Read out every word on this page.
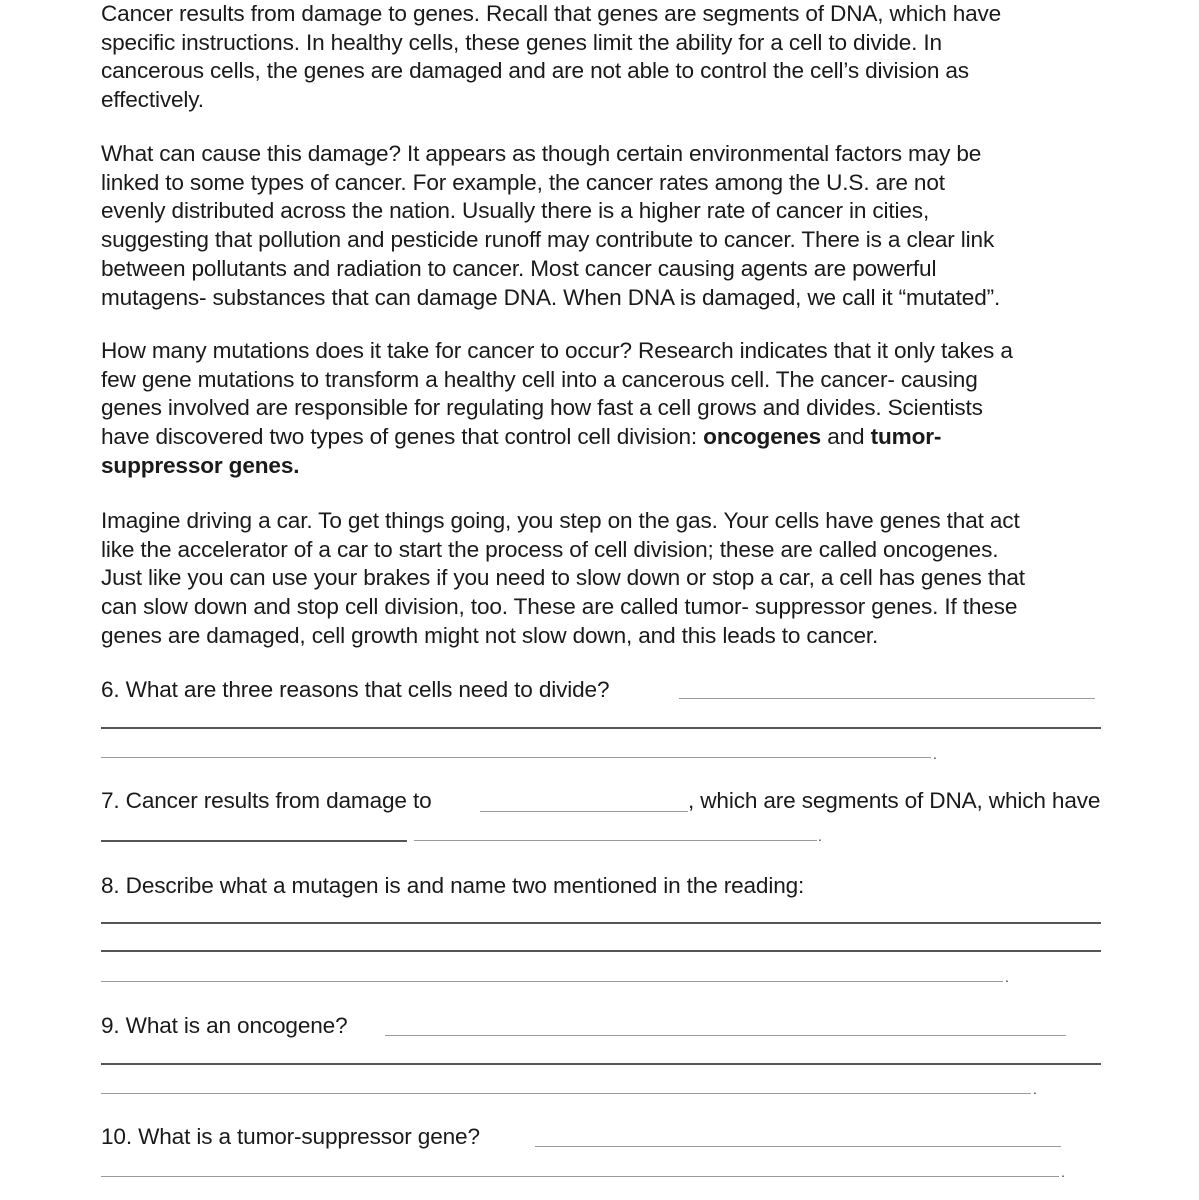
Cancer results from damage to genes. Recall that genes are segments of DNA, which have
specific instructions. In healthy cells, these genes limit the ability for a cell to divide. In
cancerous cells, the genes are damaged and are not able to control the cell’s division as
effectively.
What can cause this damage? It appears as though certain environmental factors may be
linked to some types of cancer. For example, the cancer rates among the U.S. are not
evenly distributed across the nation. Usually there is a higher rate of cancer in cities,
suggesting that pollution and pesticide runoff may contribute to cancer. There is a clear link
between pollutants and radiation to cancer. Most cancer causing agents are powerful
mutagens- substances that can damage DNA. When DNA is damaged, we call it “mutated”.
How many mutations does it take for cancer to occur? Research indicates that it only takes a
few gene mutations to transform a healthy cell into a cancerous cell. The cancer- causing
genes involved are responsible for regulating how fast a cell grows and divides. Scientists
have discovered two types of genes that control cell division: oncogenes and tumor-
suppressor genes.
Imagine driving a car. To get things going, you step on the gas. Your cells have genes that act
like the accelerator of a car to start the process of cell division; these are called oncogenes.
Just like you can use your brakes if you need to slow down or stop a car, a cell has genes that
can slow down and stop cell division, too. These are called tumor- suppressor genes. If these
genes are damaged, cell growth might not slow down, and this leads to cancer.
6. What are three reasons that cells need to divide?
.
7. Cancer results from damage to	, which are segments of DNA, which have
.
8. Describe what a mutagen is and name two mentioned in the reading:
.
9. What is an oncogene?
.
10. What is a tumor-suppressor gene?
.
